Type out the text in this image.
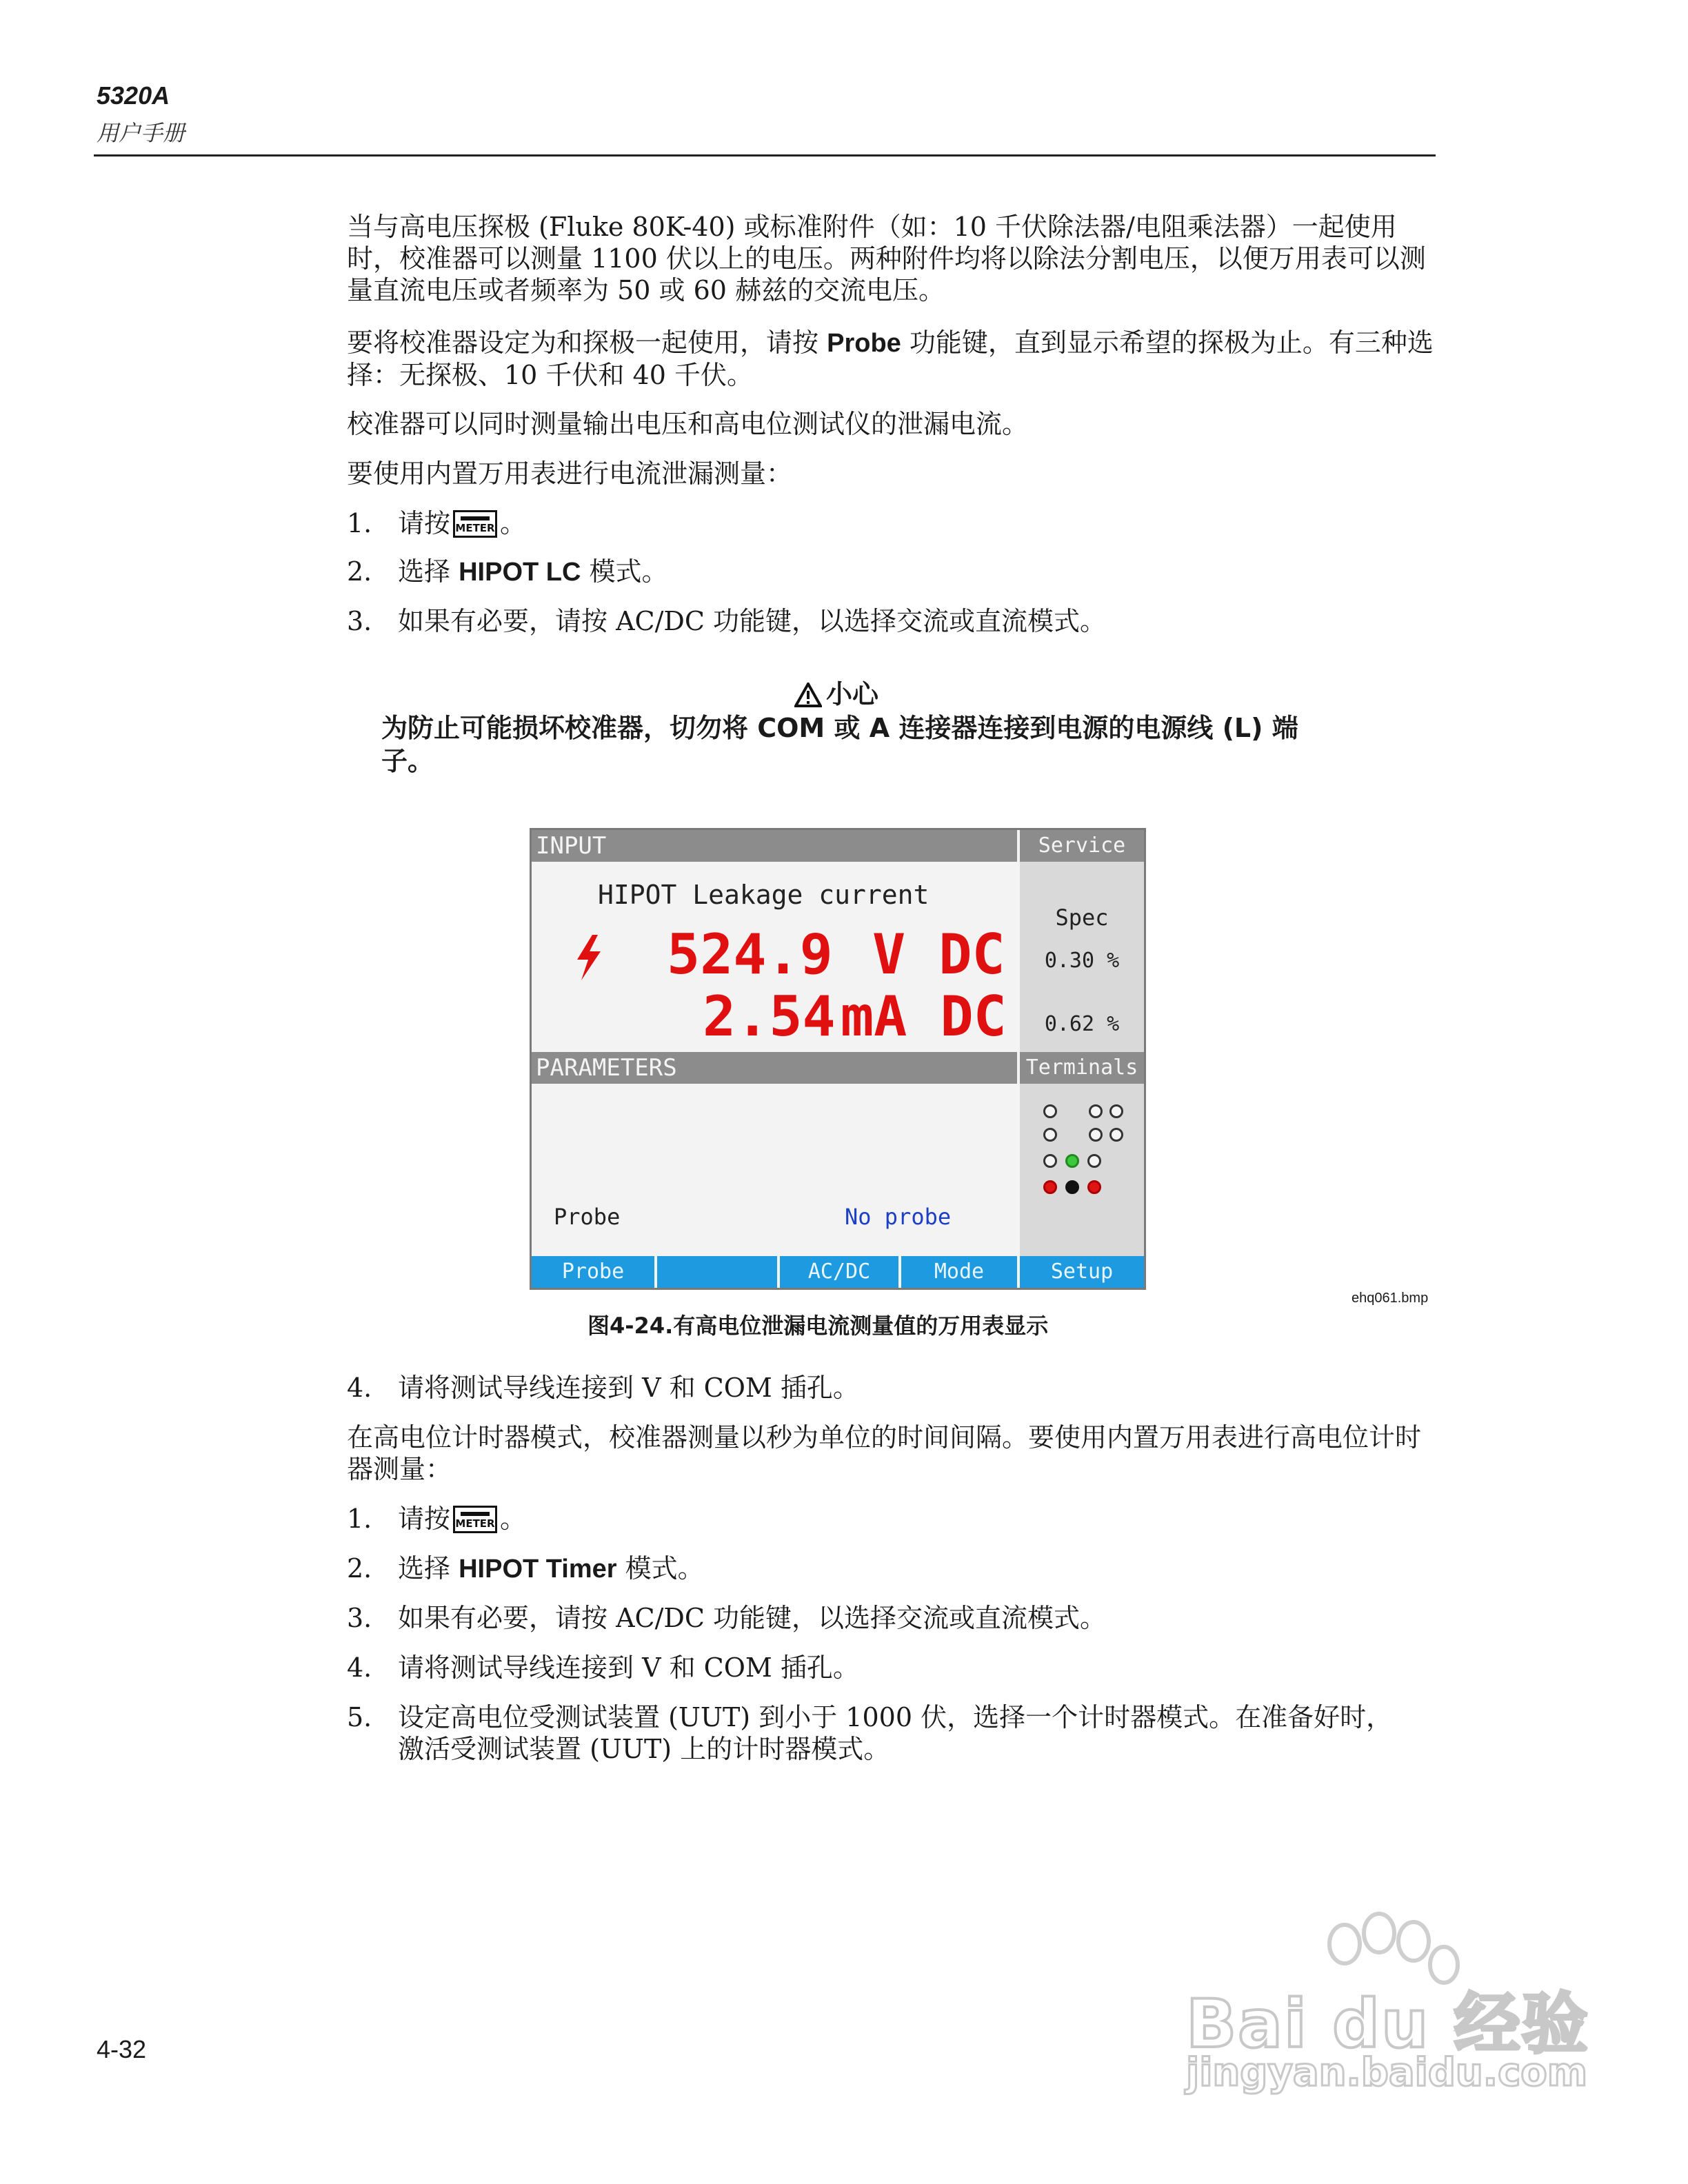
5320A
用户手册
当与高电压探极 (Fluke 80K-40) 或标准附件（如：10 千伏除法器/电阻乘法器）一起使用时，校准器可以测量 1100 伏以上的电压。两种附件均将以除法分割电压，以便万用表可以测量直流电压或者频率为 50 或 60 赫兹的交流电压。
要将校准器设定为和探极一起使用，请按 Probe 功能键，直到显示希望的探极为止。有三种选择：无探极、10 千伏和 40 千伏。
校准器可以同时测量输出电压和高电位测试仪的泄漏电流。
要使用内置万用表进行电流泄漏测量：
1. 请按 METER 。
2. 选择 HIPOT LC 模式。
3. 如果有必要，请按 AC/DC 功能键，以选择交流或直流模式。
小心
为防止可能损坏校准器，切勿将 COM 或 A 连接器连接到电源的电源线 (L) 端子。
INPUT	Service
HIPOT Leakage current
524.9 V DC
2.54 mA DC
Spec
0.30 %
0.62 %
PARAMETERS	Terminals
Probe	No probe
Probe	AC/DC	Mode	Setup
ehq061.bmp
图4-24.有高电位泄漏电流测量值的万用表显示
4. 请将测试导线连接到 V 和 COM 插孔。
在高电位计时器模式，校准器测量以秒为单位的时间间隔。要使用内置万用表进行高电位计时器测量：
1. 请按 METER 。
2. 选择 HIPOT Timer 模式。
3. 如果有必要，请按 AC/DC 功能键，以选择交流或直流模式。
4. 请将测试导线连接到 V 和 COM 插孔。
5. 设定高电位受测试装置 (UUT) 到小于 1000 伏，选择一个计时器模式。在准备好时，激活受测试装置 (UUT) 上的计时器模式。
4-32	Bai du 经验
jingyan.baidu.com
